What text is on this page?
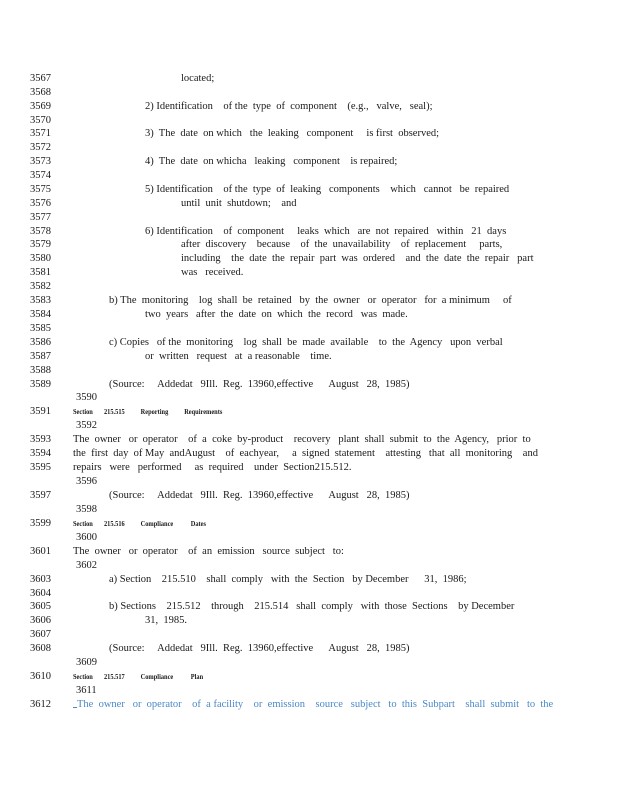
3567
3568
3569
3570
3571
3572
3573
3574
3575
3576
3577
3578
3579
3580
3581
3582
3583
3584
3585
3586
3587
3588
3589
3590
3591
3592
3593
3594
3595
3596
3597
3598
3599
3600
3601
3602
3603
3604
3605
3606
3607
3608
3609
3610
3611
3612
located;
2) Identification    of the  type  of  component    (e.g.,   valve,   seal);
3)  The  date  on which   the  leaking   component     is first  observed;
4)  The  date  on whicha   leaking   component    is repaired;
5) Identification    of the  type  of  leaking   components    which   cannot   be  repaired
until  unit  shutdown;    and
6) Identification    of  component     leaks  which   are  not  repaired   within   21  days
after  discovery    because    of  the  unavailability    of  replacement     parts,
including    the  date  the  repair  part  was  ordered    and  the  date  the  repair   part
was   received.
b) The  monitoring    log  shall  be  retained   by  the  owner   or  operator   for  a minimum     of
two  years   after  the  date  on  which  the  record   was  made.
c) Copies   of the  monitoring    log  shall  be  made  available    to  the  Agency   upon  verbal
or  written   request   at  a reasonable    time.
(Source:     Addedat   9Ill.  Reg.  13960,effective      August   28,  1985)
Section       215.515          Reporting          Requirements
The  owner   or  operator    of  a  coke  by-product    recovery   plant  shall  submit  to  the  Agency,   prior  to
the  first  day  of May  andAugust    of  eachyear,     a  signed  statement    attesting   that  all  monitoring    and
repairs   were   performed     as  required    under  Section215.512.
(Source:     Addedat   9Ill.  Reg.  13960,effective      August   28,  1985)
Section       215.516          Compliance           Dates
The  owner   or  operator    of  an  emission   source  subject   to:
a) Section    215.510    shall  comply   with  the  Section   by December      31,  1986;
b) Sections    215.512    through    215.514   shall  comply   with  those  Sections    by December
31,  1985.
(Source:     Addedat   9Ill.  Reg.  13960,effective      August   28,  1985)
Section       215.517          Compliance           Plan
The  owner   or  operator    of  a facility    or  emission    source   subject   to  this  Subpart    shall  submit   to  the
